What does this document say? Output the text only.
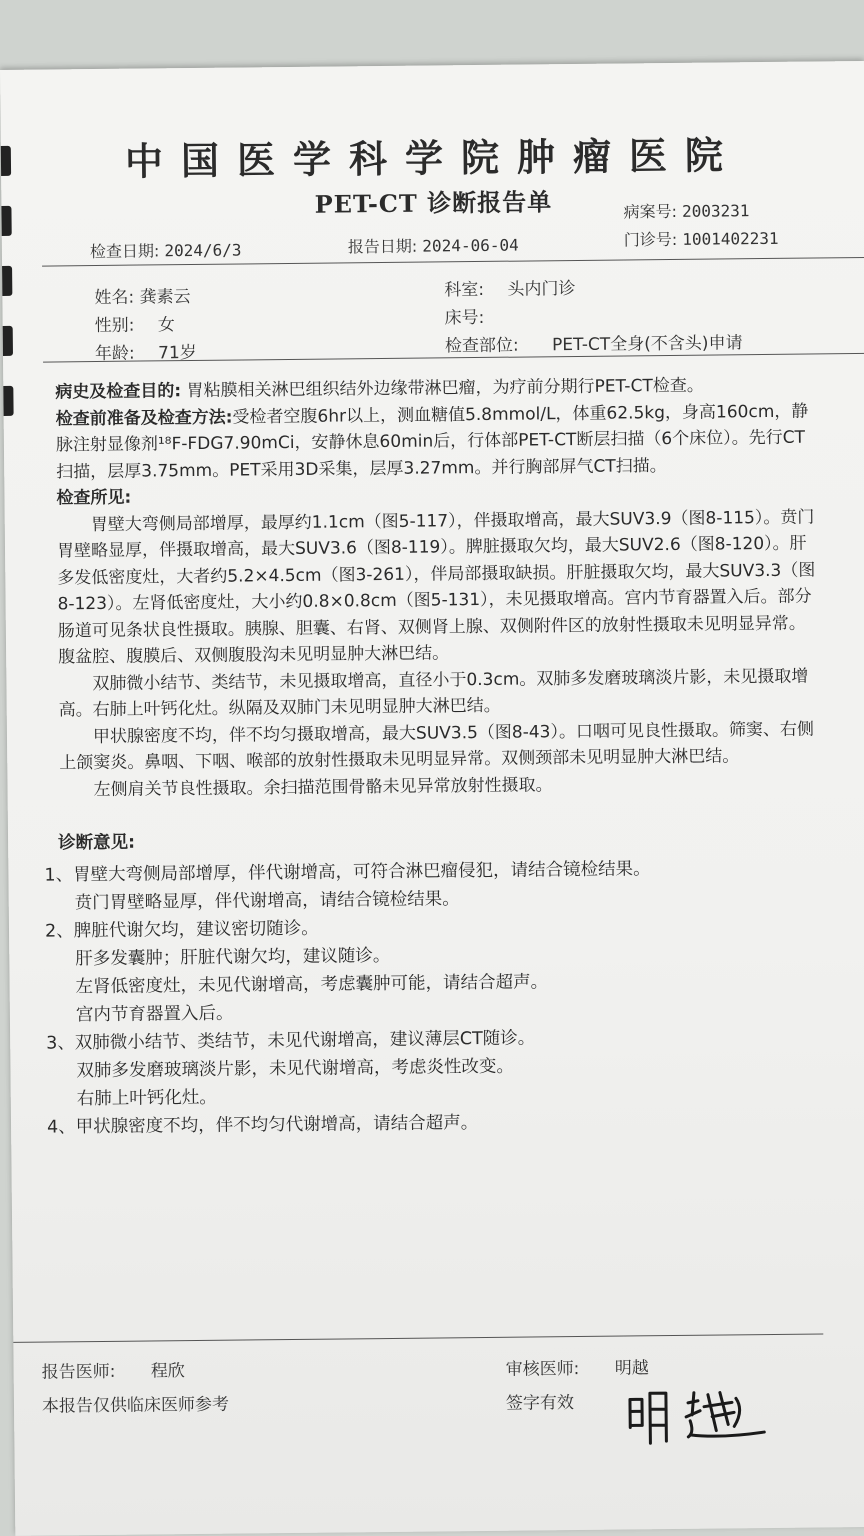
中国医学科学院肿瘤医院
PET-CT 诊断报告单	病案号: 2003231
检查日期: 2024/6/3	报告日期: 2024-06-04	门诊号: 1001402231
姓名: 龚素云
性别: 女
年龄: 71岁
科室: 头内门诊
床号:
检查部位: PET-CT全身(不含头)申请

病史及检查目的: 胃粘膜相关淋巴组织结外边缘带淋巴瘤，为疗前分期行PET-CT检查。

检查前准备及检查方法:受检者空腹6hr以上，测血糖值5.8mmol/L，体重62.5kg，身高160cm，静脉注射显像剂¹⁸F-FDG7.90mCi，安静休息60min后，行体部PET-CT断层扫描（6个床位）。先行CT扫描，层厚3.75mm。PET采用3D采集，层厚3.27mm。并行胸部屏气CT扫描。

检查所见:

胃壁大弯侧局部增厚，最厚约1.1cm（图5-117），伴摄取增高，最大SUV3.9（图8-115）。贲门胃壁略显厚，伴摄取增高，最大SUV3.6（图8-119）。脾脏摄取欠均，最大SUV2.6（图8-120）。肝多发低密度灶，大者约5.2×4.5cm（图3-261），伴局部摄取缺损。肝脏摄取欠均，最大SUV3.3（图8-123）。左肾低密度灶，大小约0.8×0.8cm（图5-131），未见摄取增高。宫内节育器置入后。部分肠道可见条状良性摄取。胰腺、胆囊、右肾、双侧肾上腺、双侧附件区的放射性摄取未见明显异常。腹盆腔、腹膜后、双侧腹股沟未见明显肿大淋巴结。

双肺微小结节、类结节，未见摄取增高，直径小于0.3cm。双肺多发磨玻璃淡片影，未见摄取增高。右肺上叶钙化灶。纵隔及双肺门未见明显肿大淋巴结。

甲状腺密度不均，伴不均匀摄取增高，最大SUV3.5（图8-43）。口咽可见良性摄取。筛窦、右侧上颌窦炎。鼻咽、下咽、喉部的放射性摄取未见明显异常。双侧颈部未见明显肿大淋巴结。

左侧肩关节良性摄取。余扫描范围骨骼未见异常放射性摄取。

诊断意见:
1、胃壁大弯侧局部增厚，伴代谢增高，可符合淋巴瘤侵犯，请结合镜检结果。
贲门胃壁略显厚，伴代谢增高，请结合镜检结果。
2、脾脏代谢欠均，建议密切随诊。
肝多发囊肿；肝脏代谢欠均，建议随诊。
左肾低密度灶，未见代谢增高，考虑囊肿可能，请结合超声。
宫内节育器置入后。
3、双肺微小结节、类结节，未见代谢增高，建议薄层CT随诊。
双肺多发磨玻璃淡片影，未见代谢增高，考虑炎性改变。
右肺上叶钙化灶。
4、甲状腺密度不均，伴不均匀代谢增高，请结合超声。
报告医师: 程欣
本报告仅供临床医师参考
审核医师: 明越
签字有效
